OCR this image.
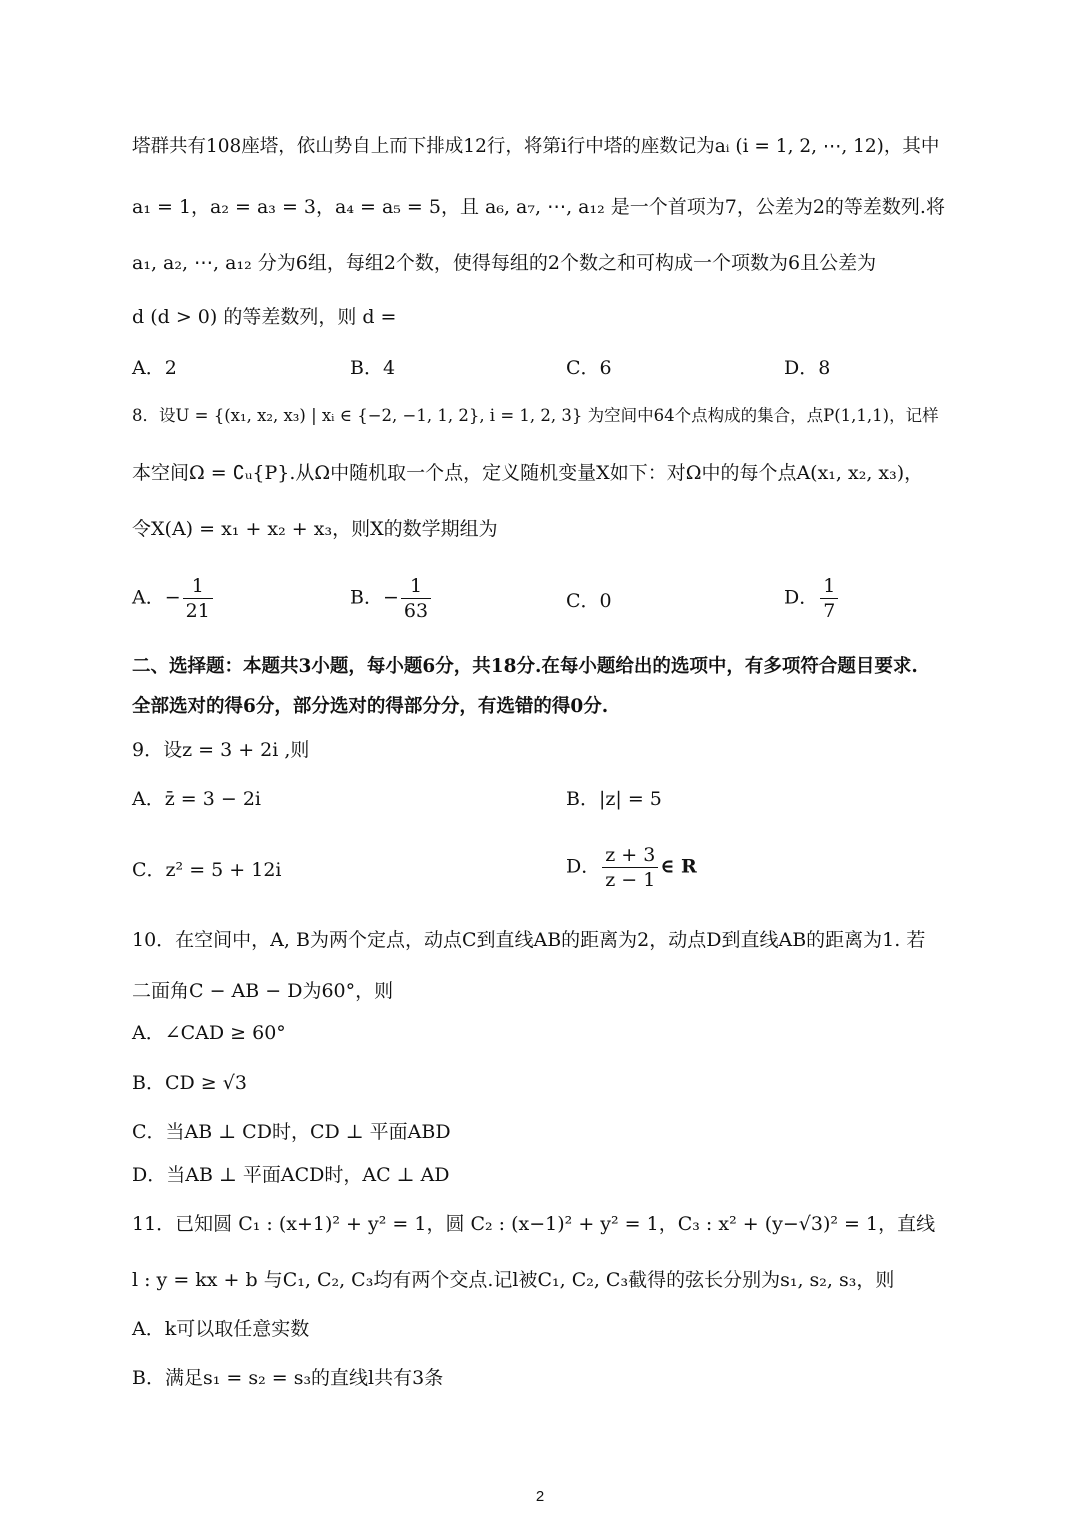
塔群共有108座塔，依山势自上而下排成12行，将第i行中塔的座数记为aᵢ (i = 1, 2, ⋯, 12)，其中
a₁ = 1，a₂ = a₃ = 3，a₄ = a₅ = 5，且 a₆, a₇, ⋯, a₁₂ 是一个首项为7，公差为2的等差数列.将
a₁, a₂, ⋯, a₁₂ 分为6组，每组2个数，使得每组的2个数之和可构成一个项数为6且公差为
d (d > 0) 的等差数列，则 d =
A．2	B．4	C．6	D．8
8．设U = {(x₁, x₂, x₃) | xᵢ ∈ {−2, −1, 1, 2}, i = 1, 2, 3} 为空间中64个点构成的集合，点P(1,1,1)，记样
本空间Ω = ∁ᵤ{P}.从Ω中随机取一个点，定义随机变量X如下：对Ω中的每个点A(x₁, x₂, x₃)，
令X(A) = x₁ + x₂ + x₃，则X的数学期组为
A．− $\frac{1}{21}$	B．− $\frac{1}{63}$	C．0	D． $\frac{1}{7}$
二、选择题：本题共3小题，每小题6分，共18分.在每小题给出的选项中，有多项符合题目要求.
全部选对的得6分，部分选对的得部分分，有选错的得0分.
9．设z = 3 + 2i ,则
A．z̄ = 3 − 2i	B．|z| = 5
C．z² = 5 + 12i	D． $\frac{z + 3}{z - 1}$ ∈ R
10．在空间中，A, B为两个定点，动点C到直线AB的距离为2，动点D到直线AB的距离为1. 若
二面角C − AB − D为60°，则
A．∠CAD ≥ 60°
B．CD ≥ √3
C．当AB ⊥ CD时，CD ⊥ 平面ABD
D．当AB ⊥ 平面ACD时，AC ⊥ AD
11．已知圆 C₁ : (x+1)² + y² = 1，圆 C₂ : (x−1)² + y² = 1，C₃ : x² + (y−√3)² = 1，直线
l : y = kx + b 与C₁, C₂, C₃均有两个交点.记l被C₁, C₂, C₃截得的弦长分别为s₁, s₂, s₃，则
A．k可以取任意实数
B．满足s₁ = s₂ = s₃的直线l共有3条
2
